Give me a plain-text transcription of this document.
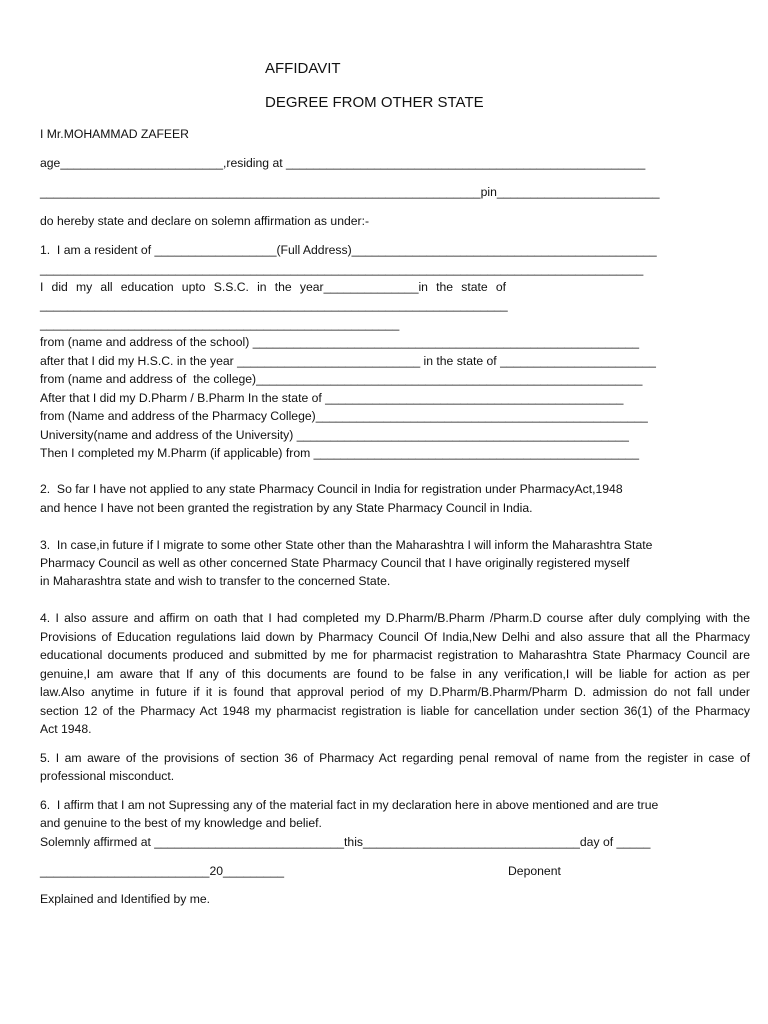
AFFIDAVIT
DEGREE FROM OTHER STATE
I Mr.MOHAMMAD ZAFEER
age________________________,residing at _____________________________________________________
_________________________________________________________________pin________________________
do hereby state and declare on solemn affirmation as under:-
1.  I am a resident of __________________(Full Address)_____________________________________________
_________________________________________________________________________________________
I did my all education upto S.S.C. in the year______________in the state of
_____________________________________________________________________
_____________________________________________________
from (name and address of the school) _________________________________________________________
after that I did my H.S.C. in the year ___________________________ in the state of _______________________
from (name and address of  the college)_________________________________________________________
After that I did my D.Pharm / B.Pharm In the state of ____________________________________________
from (Name and address of the Pharmacy College)_________________________________________________
University(name and address of the University) _________________________________________________
Then I completed my M.Pharm (if applicable) from ________________________________________________
2.  So far I have not applied to any state Pharmacy Council in India for registration under PharmacyAct,1948
and hence I have not been granted the registration by any State Pharmacy Council in India.
3.  In case,in future if I migrate to some other State other than the Maharashtra I will inform the Maharashtra State
Pharmacy Council as well as other concerned State Pharmacy Council that I have originally registered myself
in Maharashtra state and wish to transfer to the concerned State.
4. I also assure and affirm on oath that I had completed my D.Pharm/B.Pharm /Pharm.D course after duly complying with the
Provisions of Education regulations laid down by Pharmacy Council Of India,New Delhi and also assure that all the Pharmacy
educational documents produced and submitted by me for pharmacist registration to Maharashtra State Pharmacy Council are
genuine,I am aware that If any of this documents are found to be false in any verification,I will be liable for action as per
law.Also anytime in future if it is found that approval period of my D.Pharm/B.Pharm/Pharm D. admission do not fall under
section 12 of the Pharmacy Act 1948 my pharmacist registration is liable for cancellation under section 36(1) of the Pharmacy
Act 1948.
5. I am aware of the provisions of section 36 of Pharmacy Act regarding penal removal of name from the register in case of
professional misconduct.
6.  I affirm that I am not Supressing any of the material fact in my declaration here in above mentioned and are true
and genuine to the best of my knowledge and belief.
Solemnly affirmed at ____________________________this________________________________day of _____
_________________________20_________	Deponent
Explained and Identified by me.
